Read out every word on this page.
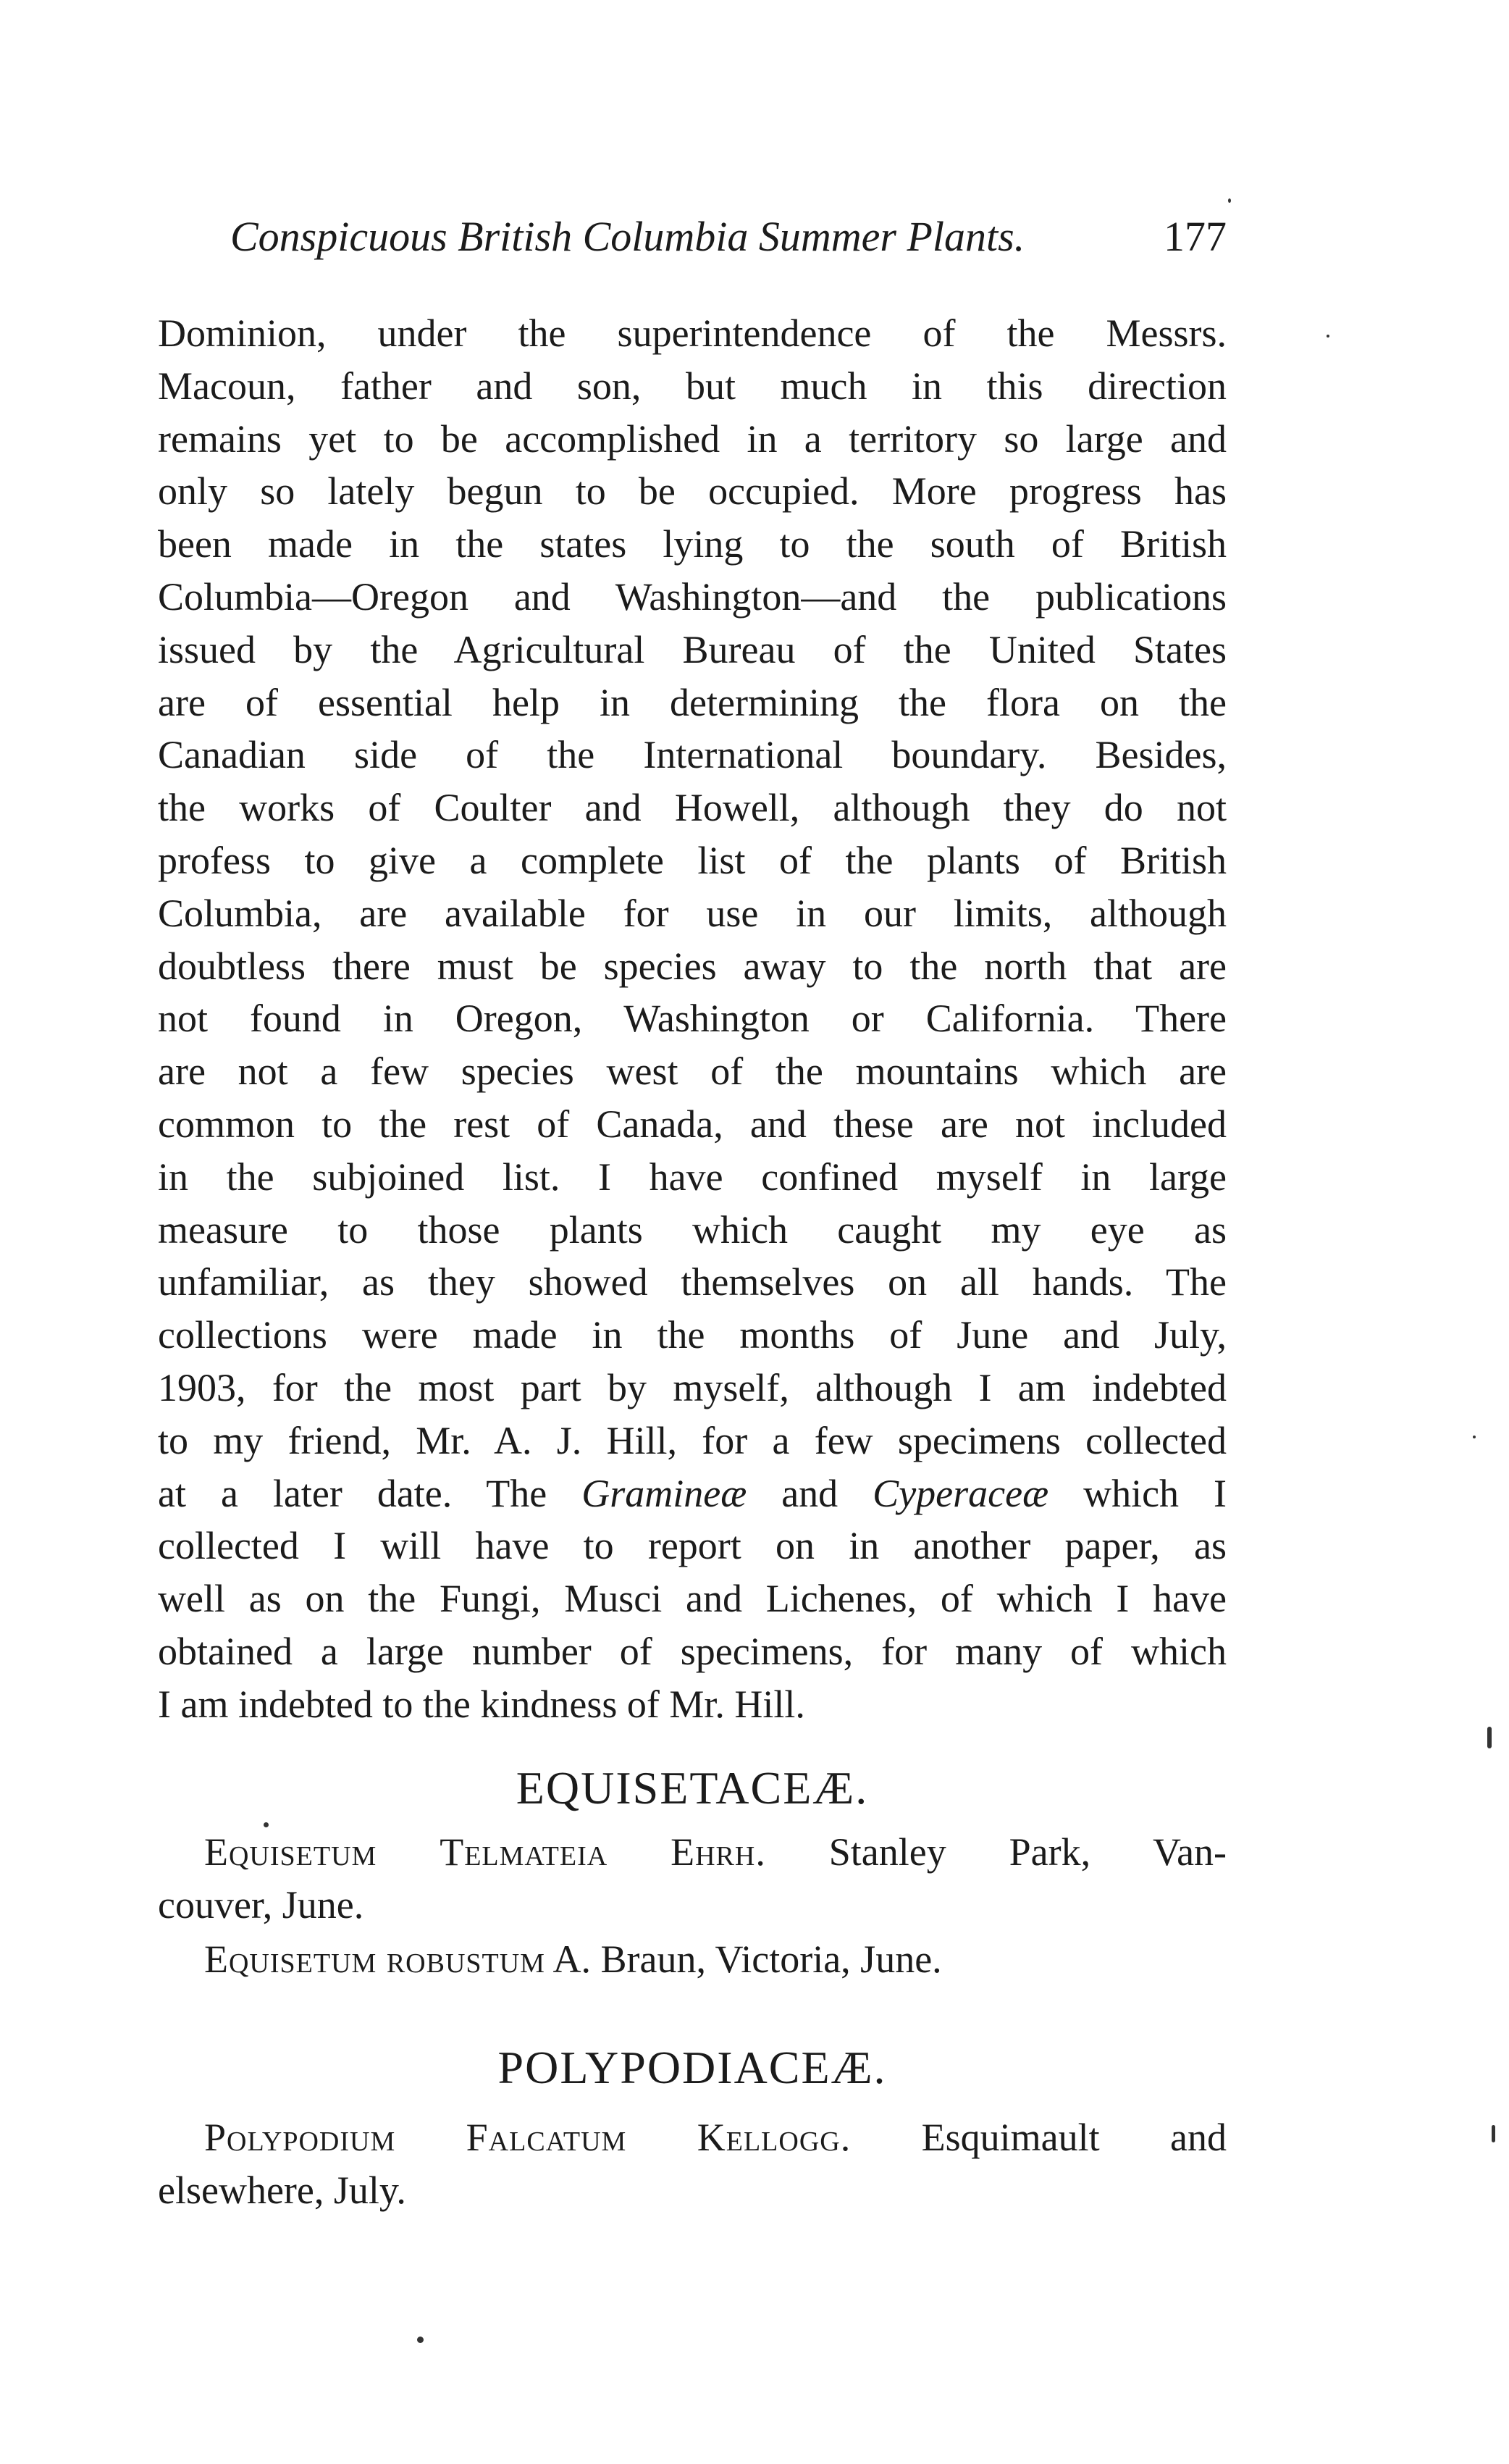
Conspicuous British Columbia Summer Plants.	177
Dominion, under the superintendence of the Messrs.
Macoun, father and son, but much in this direction
remains yet to be accomplished in a territory so large and
only so lately begun to be occupied. More progress has
been made in the states lying to the south of British
Columbia—Oregon and Washington—and the publications
issued by the Agricultural Bureau of the United States
are of essential help in determining the flora on the
Canadian side of the International boundary. Besides,
the works of Coulter and Howell, although they do not
profess to give a complete list of the plants of British
Columbia, are available for use in our limits, although
doubtless there must be species away to the north that are
not found in Oregon, Washington or California. There
are not a few species west of the mountains which are
common to the rest of Canada, and these are not included
in the subjoined list. I have confined myself in large
measure to those plants which caught my eye as
unfamiliar, as they showed themselves on all hands. The
collections were made in the months of June and July,
1903, for the most part by myself, although I am indebted
to my friend, Mr. A. J. Hill, for a few specimens collected
at a later date. The Gramineæ and Cyperaceæ which I
collected I will have to report on in another paper, as
well as on the Fungi, Musci and Lichenes, of which I have
obtained a large number of specimens, for many of which
I am indebted to the kindness of Mr. Hill.
EQUISETACEÆ.
Equisetum Telmateia Ehrh. Stanley Park, Van-
couver, June.
Equisetum robustum A. Braun, Victoria, June.
POLYPODIACEÆ.
Polypodium Falcatum Kellogg. Esquimault and
elsewhere, July.
